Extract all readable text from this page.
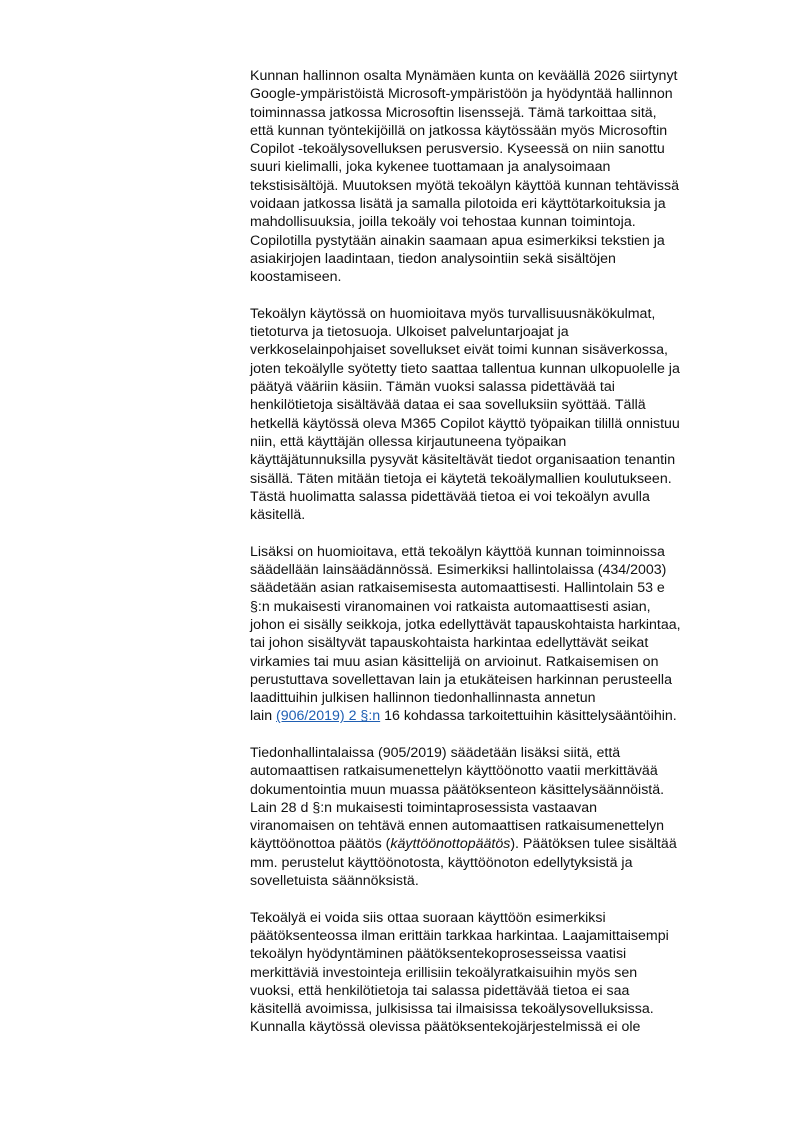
Kunnan hallinnon osalta Mynämäen kunta on keväällä 2026 siirtynyt
Google-ympäristöistä Microsoft-ympäristöön ja hyödyntää hallinnon
toiminnassa jatkossa Microsoftin lisenssejä. Tämä tarkoittaa sitä,
että kunnan työntekijöillä on jatkossa käytössään myös Microsoftin
Copilot -tekoälysovelluksen perusversio. Kyseessä on niin sanottu
suuri kielimalli, joka kykenee tuottamaan ja analysoimaan
tekstisisältöjä. Muutoksen myötä tekoälyn käyttöä kunnan tehtävissä
voidaan jatkossa lisätä ja samalla pilotoida eri käyttötarkoituksia ja
mahdollisuuksia, joilla tekoäly voi tehostaa kunnan toimintoja.
Copilotilla pystytään ainakin saamaan apua esimerkiksi tekstien ja
asiakirjojen laadintaan, tiedon analysointiin sekä sisältöjen
koostamiseen.
Tekoälyn käytössä on huomioitava myös turvallisuusnäkökulmat,
tietoturva ja tietosuoja. Ulkoiset palveluntarjoajat ja
verkkoselainpohjaiset sovellukset eivät toimi kunnan sisäverkossa,
joten tekoälylle syötetty tieto saattaa tallentua kunnan ulkopuolelle ja
päätyä vääriin käsiin. Tämän vuoksi salassa pidettävää tai
henkilötietoja sisältävää dataa ei saa sovelluksiin syöttää. Tällä
hetkellä käytössä oleva M365 Copilot käyttö työpaikan tilillä onnistuu
niin, että käyttäjän ollessa kirjautuneena työpaikan
käyttäjätunnuksilla pysyvät käsiteltävät tiedot organisaation tenantin
sisällä. Täten mitään tietoja ei käytetä tekoälymallien koulutukseen.
Tästä huolimatta salassa pidettävää tietoa ei voi tekoälyn avulla
käsitellä.
Lisäksi on huomioitava, että tekoälyn käyttöä kunnan toiminnoissa
säädellään lainsäädännössä. Esimerkiksi hallintolaissa (434/2003)
säädetään asian ratkaisemisesta automaattisesti. Hallintolain 53 e
§:n mukaisesti viranomainen voi ratkaista automaattisesti asian,
johon ei sisälly seikkoja, jotka edellyttävät tapauskohtaista harkintaa,
tai johon sisältyvät tapauskohtaista harkintaa edellyttävät seikat
virkamies tai muu asian käsittelijä on arvioinut. Ratkaisemisen on
perustuttava sovellettavan lain ja etukäteisen harkinnan perusteella
laadittuihin julkisen hallinnon tiedonhallinnasta annetun
lain (906/2019) 2 §:n 16 kohdassa tarkoitettuihin käsittelysääntöihin.
Tiedonhallintalaissa (905/2019) säädetään lisäksi siitä, että
automaattisen ratkaisumenettelyn käyttöönotto vaatii merkittävää
dokumentointia muun muassa päätöksenteon käsittelysäännöistä.
Lain 28 d §:n mukaisesti toimintaprosessista vastaavan
viranomaisen on tehtävä ennen automaattisen ratkaisumenettelyn
käyttöönottoa päätös (käyttöönottopäätös). Päätöksen tulee sisältää
mm. perustelut käyttöönotosta, käyttöönoton edellytyksistä ja
sovelletuista säännöksistä.
Tekoälyä ei voida siis ottaa suoraan käyttöön esimerkiksi
päätöksenteossa ilman erittäin tarkkaa harkintaa. Laajamittaisempi
tekoälyn hyödyntäminen päätöksentekoprosesseissa vaatisi
merkittäviä investointeja erillisiin tekoälyratkaisuihin myös sen
vuoksi, että henkilötietoja tai salassa pidettävää tietoa ei saa
käsitellä avoimissa, julkisissa tai ilmaisissa tekoälysovelluksissa.
Kunnalla käytössä olevissa päätöksentekojärjestelmissä ei ole
